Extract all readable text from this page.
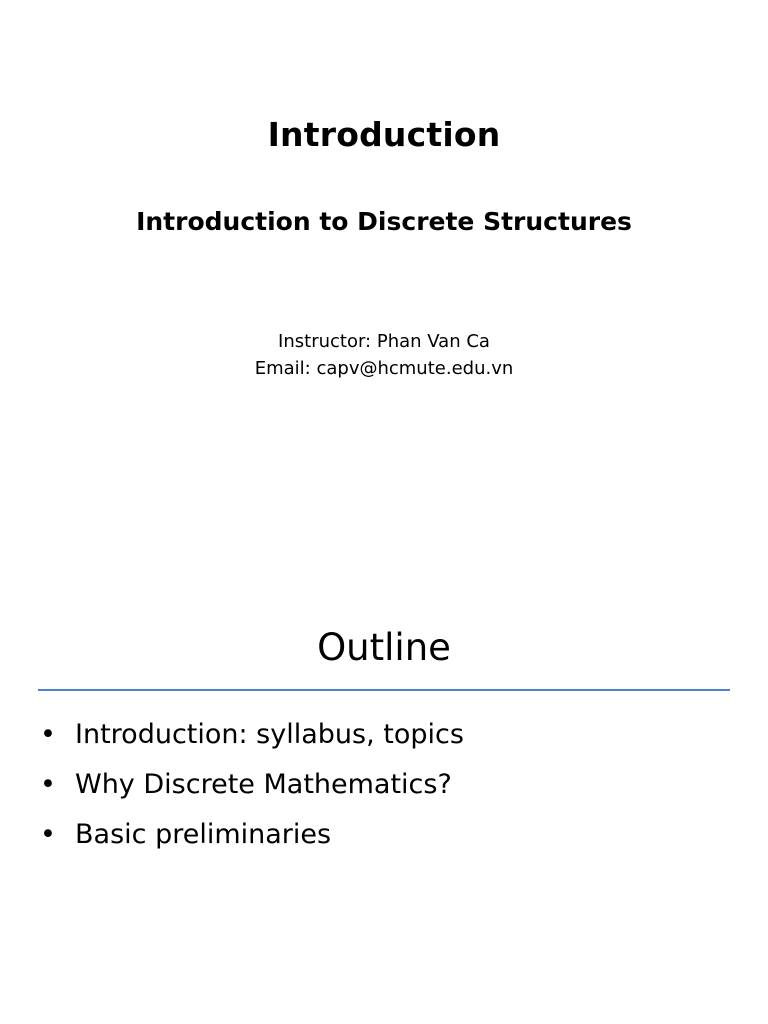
Introduction
Introduction to Discrete Structures
Instructor: Phan Van Ca
Email: capv@hcmute.edu.vn
Outline
• Introduction: syllabus, topics
• Why Discrete Mathematics?
• Basic preliminaries
